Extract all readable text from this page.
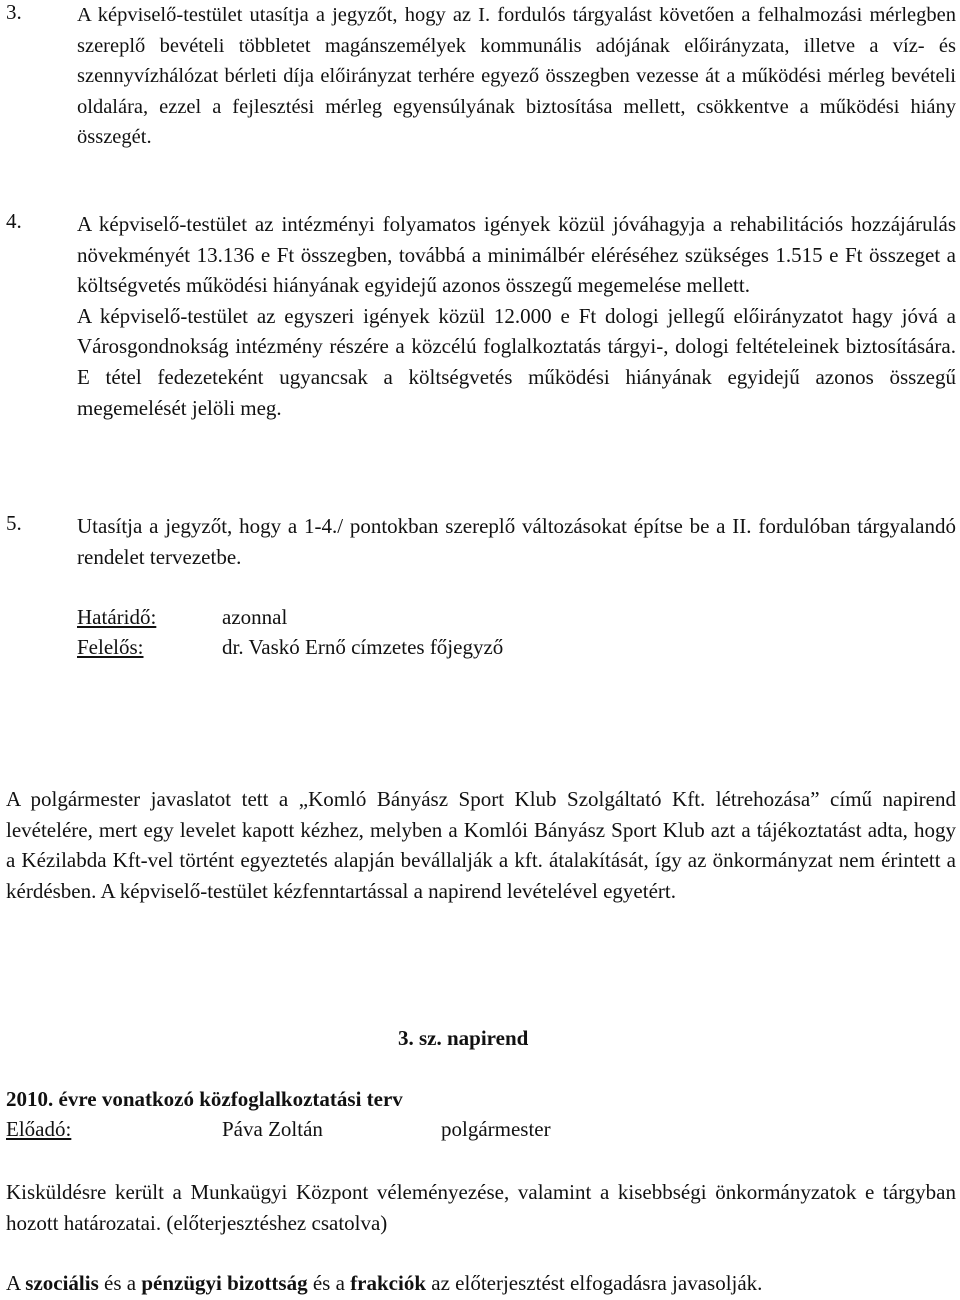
3.	A képviselő-testület utasítja a jegyzőt, hogy az I. fordulós tárgyalást követően a felhalmozási mérlegben szereplő bevételi többletet magánszemélyek kommunális adójának előirányzata, illetve a víz- és szennyvízhálózat bérleti díja előirányzat terhére egyező összegben vezesse át a működési mérleg bevételi oldalára, ezzel a fejlesztési mérleg egyensúlyának biztosítása mellett, csökkentve a működési hiány összegét.

4.	A képviselő-testület az intézményi folyamatos igények közül jóváhagyja a rehabilitációs hozzájárulás növekményét 13.136 e Ft összegben, továbbá a minimálbér eléréséhez szükséges 1.515 e Ft összeget a költségvetés működési hiányának egyidejű azonos összegű megemelése mellett.

A képviselő-testület az egyszeri igények közül 12.000 e Ft dologi jellegű előirányzatot hagy jóvá a Városgondnokság intézmény részére a közcélú foglalkoztatás tárgyi-, dologi feltételeinek biztosítására. E tétel fedezeteként ugyancsak a költségvetés működési hiányának egyidejű azonos összegű megemelését jelöli meg.

5.	Utasítja a jegyzőt, hogy a 1-4./ pontokban szereplő változásokat építse be a II. fordulóban tárgyalandó rendelet tervezetbe.

Határidő:	azonnal
Felelős:	dr. Vaskó Ernő címzetes főjegyző

A polgármester javaslatot tett a „Komló Bányász Sport Klub Szolgáltató Kft. létrehozása” című napirend levételére, mert egy levelet kapott kézhez, melyben a Komlói Bányász Sport Klub azt a tájékoztatást adta, hogy a Kézilabda Kft-vel történt egyeztetés alapján bevállalják a kft. átalakítását, így az önkormányzat nem érintett a kérdésben. A képviselő-testület kézfenntartással a napirend levételével egyetért.

3. sz. napirend
2010. évre vonatkozó közfoglalkoztatási terv
Előadó:	Páva Zoltán	polgármester

Kisküldésre került a Munkaügyi Központ véleményezése, valamint a kisebbségi önkormányzatok e tárgyban hozott határozatai. (előterjesztéshez csatolva)

A szociális és a pénzügyi bizottság és a frakciók az előterjesztést elfogadásra javasolják.
